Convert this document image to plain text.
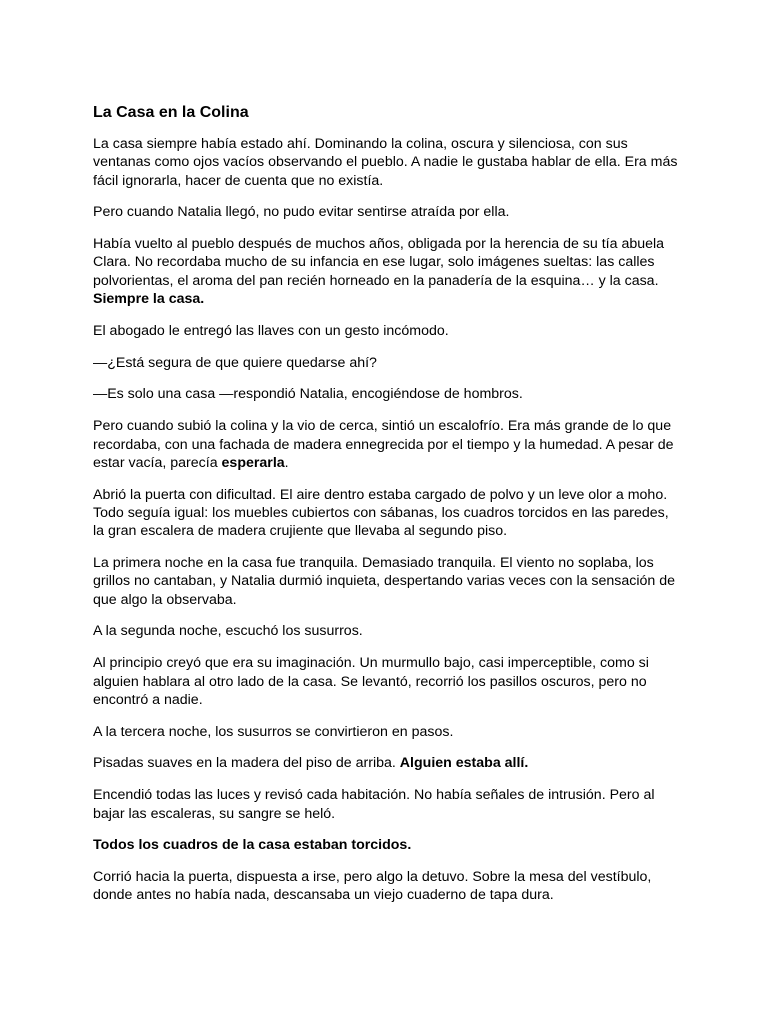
La Casa en la Colina

La casa siempre había estado ahí. Dominando la colina, oscura y silenciosa, con sus ventanas como ojos vacíos observando el pueblo. A nadie le gustaba hablar de ella. Era más fácil ignorarla, hacer de cuenta que no existía.

Pero cuando Natalia llegó, no pudo evitar sentirse atraída por ella.

Había vuelto al pueblo después de muchos años, obligada por la herencia de su tía abuela Clara. No recordaba mucho de su infancia en ese lugar, solo imágenes sueltas: las calles polvorientas, el aroma del pan recién horneado en la panadería de la esquina… y la casa.
Siempre la casa.

El abogado le entregó las llaves con un gesto incómodo.

—¿Está segura de que quiere quedarse ahí?

—Es solo una casa —respondió Natalia, encogiéndose de hombros.

Pero cuando subió la colina y la vio de cerca, sintió un escalofrío. Era más grande de lo que recordaba, con una fachada de madera ennegrecida por el tiempo y la humedad. A pesar de estar vacía, parecía esperarla.

Abrió la puerta con dificultad. El aire dentro estaba cargado de polvo y un leve olor a moho. Todo seguía igual: los muebles cubiertos con sábanas, los cuadros torcidos en las paredes, la gran escalera de madera crujiente que llevaba al segundo piso.

La primera noche en la casa fue tranquila. Demasiado tranquila. El viento no soplaba, los grillos no cantaban, y Natalia durmió inquieta, despertando varias veces con la sensación de que algo la observaba.

A la segunda noche, escuchó los susurros.

Al principio creyó que era su imaginación. Un murmullo bajo, casi imperceptible, como si alguien hablara al otro lado de la casa. Se levantó, recorrió los pasillos oscuros, pero no encontró a nadie.

A la tercera noche, los susurros se convirtieron en pasos.

Pisadas suaves en la madera del piso de arriba. Alguien estaba allí.

Encendió todas las luces y revisó cada habitación. No había señales de intrusión. Pero al bajar las escaleras, su sangre se heló.

Todos los cuadros de la casa estaban torcidos.

Corrió hacia la puerta, dispuesta a irse, pero algo la detuvo. Sobre la mesa del vestíbulo, donde antes no había nada, descansaba un viejo cuaderno de tapa dura.
